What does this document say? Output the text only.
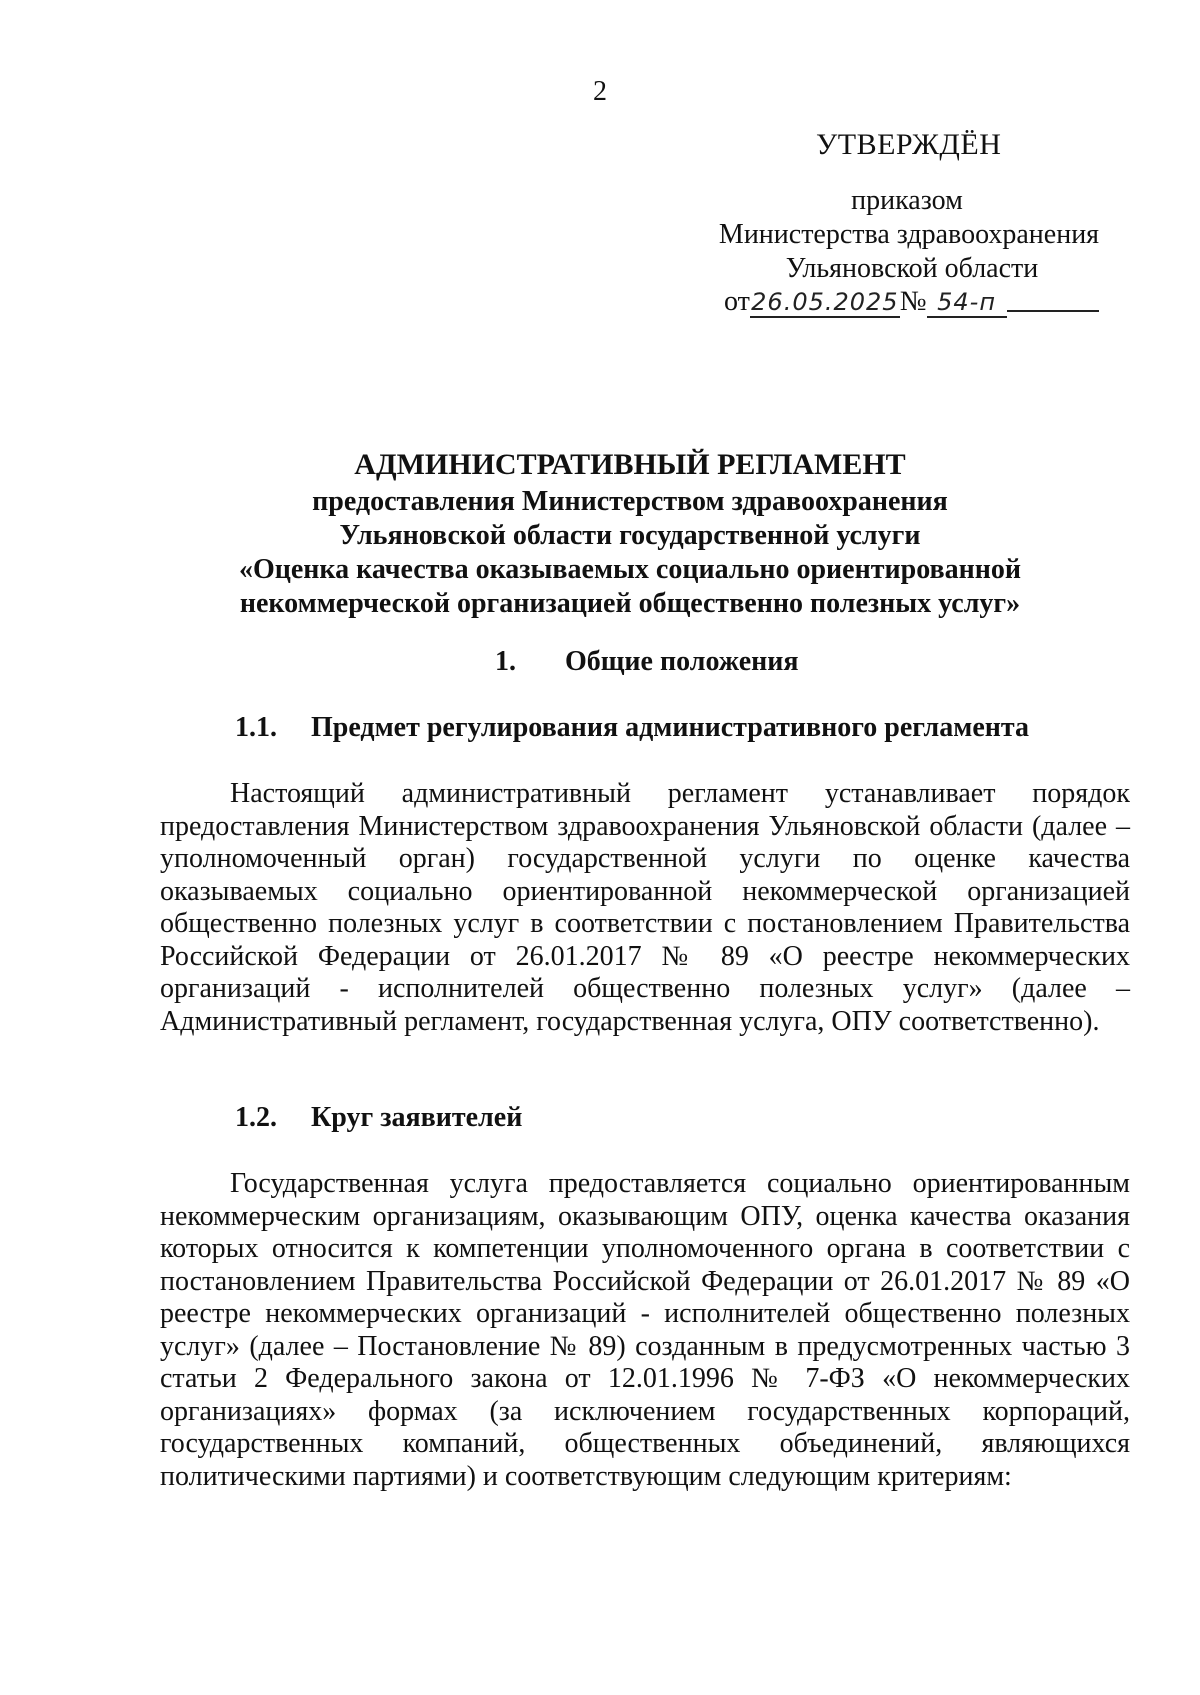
2
УТВЕРЖДЁН
приказом
Министерства здравоохранения
Ульяновской области
от26.05.2025№ 54-п
АДМИНИСТРАТИВНЫЙ РЕГЛАМЕНТ
предоставления Министерством здравоохранения
Ульяновской области государственной услуги
«Оценка качества оказываемых социально ориентированной
некоммерческой организацией общественно полезных услуг»
1. Общие положения
1.1. Предмет регулирования административного регламента
Настоящий административный регламент устанавливает порядок предоставления Министерством здравоохранения Ульяновской области (далее – уполномоченный орган) государственной услуги по оценке качества оказываемых социально ориентированной некоммерческой организацией общественно полезных услуг в соответствии с постановлением Правительства Российской Федерации от 26.01.2017 № 89 «О реестре некоммерческих организаций - исполнителей общественно полезных услуг» (далее –Административный регламент, государственная услуга, ОПУ соответственно).
1.2. Круг заявителей
Государственная услуга предоставляется социально ориентированным некоммерческим организациям, оказывающим ОПУ, оценка качества оказания которых относится к компетенции уполномоченного органа в соответствии с постановлением Правительства Российской Федерации от 26.01.2017 № 89 «О реестре некоммерческих организаций - исполнителей общественно полезных услуг» (далее – Постановление № 89) созданным в предусмотренных частью 3 статьи 2 Федерального закона от 12.01.1996 № 7-ФЗ «О некоммерческих организациях» формах (за исключением государственных корпораций, государственных компаний, общественных объединений, являющихся политическими партиями) и соответствующим следующим критериям:
